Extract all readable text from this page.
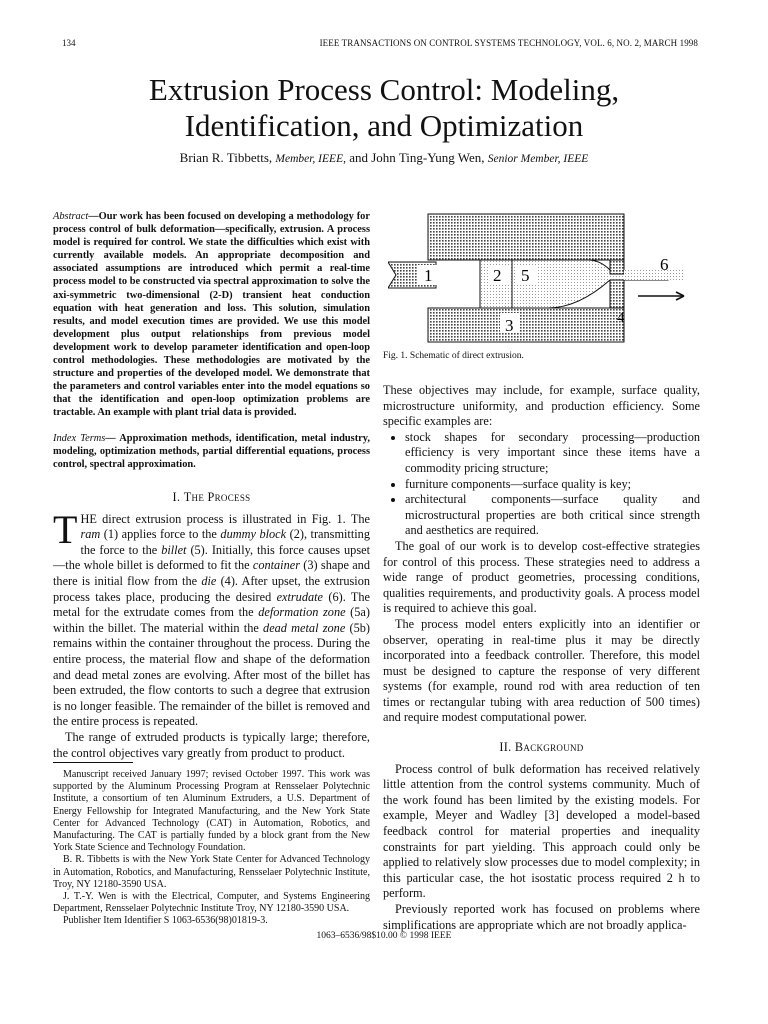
134	IEEE TRANSACTIONS ON CONTROL SYSTEMS TECHNOLOGY, VOL. 6, NO. 2, MARCH 1998
Extrusion Process Control: Modeling,
Identification, and Optimization
Brian R. Tibbetts, Member, IEEE, and John Ting-Yung Wen, Senior Member, IEEE
Abstract—Our work has been focused on developing a methodology for process control of bulk deformation—specifically, extrusion. A process model is required for control. We state the difficulties which exist with currently available models. An appropriate decomposition and associated assumptions are introduced which permit a real-time process model to be constructed via spectral approximation to solve the axi-symmetric two-dimensional (2-D) transient heat conduction equation with heat generation and loss. This solution, simulation results, and model execution times are provided. We use this model development plus output relationships from previous model development work to develop parameter identification and open-loop control methodologies. These methodologies are motivated by the structure and properties of the developed model. We demonstrate that the parameters and control variables enter into the model equations so that the identification and open-loop optimization problems are tractable. An example with plant trial data is provided.
Index Terms— Approximation methods, identification, metal industry, modeling, optimization methods, partial differential equations, process control, spectral approximation.
I. The Process

THE direct extrusion process is illustrated in Fig. 1. The ram (1) applies force to the dummy block (2), transmitting the force to the billet (5). Initially, this force causes upset—the whole billet is deformed to fit the container (3) shape and there is initial flow from the die (4). After upset, the extrusion process takes place, producing the desired extrudate (6). The metal for the extrudate comes from the deformation zone (5a) within the billet. The material within the dead metal zone (5b) remains within the container throughout the process. During the entire process, the material flow and shape of the deformation and dead metal zones are evolving. After most of the billet has been extruded, the flow contorts to such a degree that extrusion is no longer feasible. The remainder of the billet is removed and the entire process is repeated.

The range of extruded products is typically large; therefore, the control objectives vary greatly from product to product.

Manuscript received January 1997; revised October 1997. This work was supported by the Aluminum Processing Program at Rensselaer Polytechnic Institute, a consortium of ten Aluminum Extruders, a U.S. Department of Energy Fellowship for Integrated Manufacturing, and the New York State Center for Advanced Technology (CAT) in Automation, Robotics, and Manufacturing. The CAT is partially funded by a block grant from the New York State Science and Technology Foundation.

B. R. Tibbetts is with the New York State Center for Advanced Technology in Automation, Robotics, and Manufacturing, Rensselaer Polytechnic Institute, Troy, NY 12180-3590 USA.

J. T.-Y. Wen is with the Electrical, Computer, and Systems Engineering Department, Rensselaer Polytechnic Institute Troy, NY 12180-3590 USA.

Publisher Item Identifier S 1063-6536(98)01819-3.

1	2 5
3	4
6
Fig. 1. Schematic of direct extrusion.

These objectives may include, for example, surface quality, microstructure uniformity, and production efficiency. Some specific examples are:

• stock shapes for secondary processing—production efficiency is very important since these items have a commodity pricing structure;
• furniture components—surface quality is key;
• architectural components—surface quality and microstructural properties are both critical since strength and aesthetics are required.

The goal of our work is to develop cost-effective strategies for control of this process. These strategies need to address a wide range of product geometries, processing conditions, qualities requirements, and productivity goals. A process model is required to achieve this goal.

The process model enters explicitly into an identifier or observer, operating in real-time plus it may be directly incorporated into a feedback controller. Therefore, this model must be designed to capture the response of very different systems (for example, round rod with area reduction of ten times or rectangular tubing with area reduction of 500 times) and require modest computational power.

II. Background

Process control of bulk deformation has received relatively little attention from the control systems community. Much of the work found has been limited by the existing models. For example, Meyer and Wadley [3] developed a model-based feedback control for material properties and inequality constraints for part yielding. This approach could only be applied to relatively slow processes due to model complexity; in this particular case, the hot isostatic process required 2 h to perform.

Previously reported work has focused on problems where simplifications are appropriate which are not broadly applica-

1063–6536/98$10.00 © 1998 IEEE
